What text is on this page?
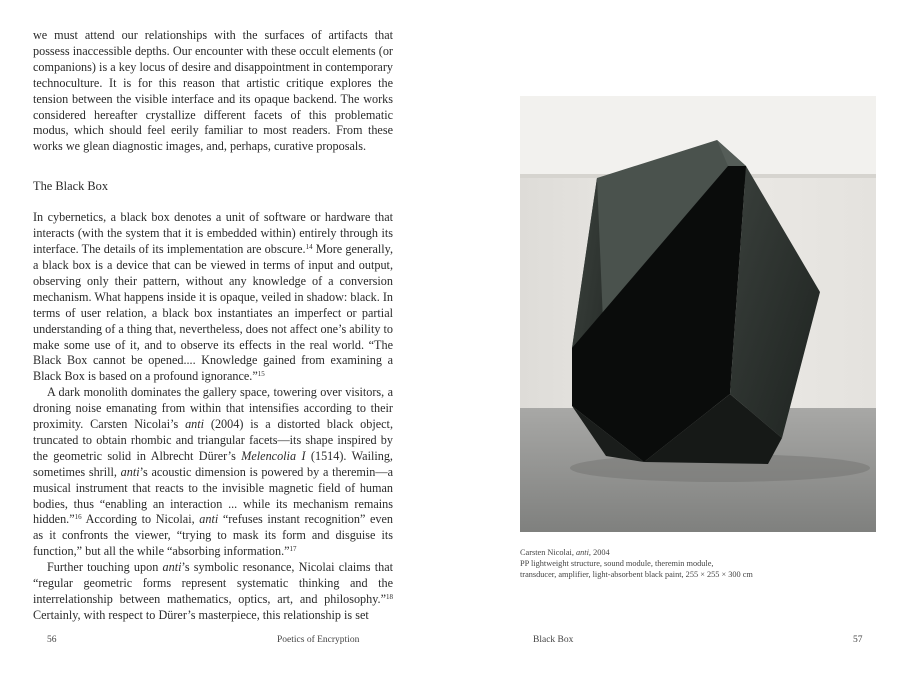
we must attend our relationships with the surfaces of artifacts that possess inaccessible depths. Our encounter with these occult elements (or companions) is a key locus of desire and disappointment in contemporary technoculture. It is for this reason that artistic critique explores the tension between the visible interface and its opaque backend. The works considered hereafter crystallize different facets of this problematic modus, which should feel eerily familiar to most readers. From these works we glean diagnostic images, and, perhaps, curative proposals.

The Black Box

In cybernetics, a black box denotes a unit of software or hardware that interacts (with the system that it is embedded within) entirely through its interface. The details of its implementation are obscure.$^{14}$ More generally, a black box is a device that can be viewed in terms of input and output, observing only their pattern, without any knowledge of a conversion mechanism. What happens inside it is opaque, veiled in shadow: black. In terms of user relation, a black box instantiates an imperfect or partial understanding of a thing that, nevertheless, does not affect one’s ability to make some use of it, and to observe its effects in the real world. “The Black Box cannot be opened.... Knowledge gained from examining a Black Box is based on a profound ignorance.”$^{15}$

A dark monolith dominates the gallery space, towering over visitors, a droning noise emanating from within that intensifies according to their proximity. Carsten Nicolai’s anti (2004) is a distorted black object, truncated to obtain rhombic and triangular facets—its shape inspired by the geometric solid in Albrecht Dürer’s Melencolia I (1514). Wailing, sometimes shrill, anti’s acoustic dimension is powered by a theremin—a musical instrument that reacts to the invisible magnetic field of human bodies, thus “enabling an interaction ... while its mechanism remains hidden.”$^{16}$ According to Nicolai, anti “refuses instant recognition” even as it confronts the viewer, “trying to mask its form and disguise its function,” but all the while “absorbing information.”$^{17}$

Further touching upon anti’s symbolic resonance, Nicolai claims that “regular geometric forms represent systematic thinking and the interrelationship between mathematics, optics, art, and philosophy.”$^{18}$ Certainly, with respect to Dürer’s masterpiece, this relationship is set

56	Poetics of Encryption
Carsten Nicolai, anti, 2004
PP lightweight structure, sound module, theremin module,
transducer, amplifier, light-absorbent black paint, 255 × 255 × 300 cm
Black Box	57
